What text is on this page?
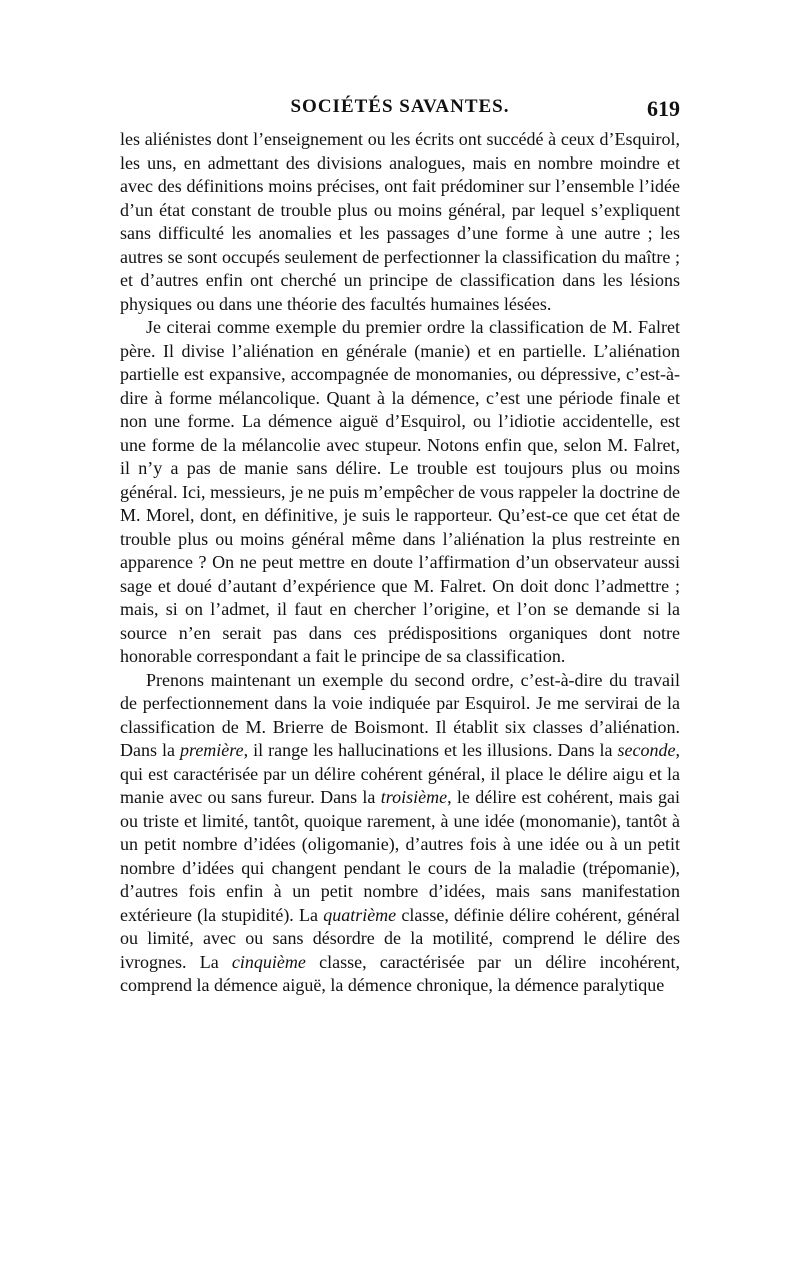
SOCIÉTÉS SAVANTES.	619

les aliénistes dont l’enseignement ou les écrits ont succédé à ceux d’Esquirol, les uns, en admettant des divisions analogues, mais en nombre moindre et avec des définitions moins précises, ont fait prédominer sur l’ensemble l’idée d’un état constant de trouble plus ou moins général, par lequel s’expliquent sans difficulté les anomalies et les passages d’une forme à une autre ; les autres se sont occupés seulement de perfectionner la classification du maître ; et d’autres enfin ont cherché un principe de classification dans les lésions physiques ou dans une théorie des facultés humaines lésées.

Je citerai comme exemple du premier ordre la classification de M. Falret père. Il divise l’aliénation en générale (manie) et en partielle. L’aliénation partielle est expansive, accompagnée de monomanies, ou dépressive, c’est-à-dire à forme mélancolique. Quant à la démence, c’est une période finale et non une forme. La démence aiguë d’Esquirol, ou l’idiotie accidentelle, est une forme de la mélancolie avec stupeur. Notons enfin que, selon M. Falret, il n’y a pas de manie sans délire. Le trouble est toujours plus ou moins général. Ici, messieurs, je ne puis m’empêcher de vous rappeler la doctrine de M. Morel, dont, en définitive, je suis le rapporteur. Qu’est-ce que cet état de trouble plus ou moins général même dans l’aliénation la plus restreinte en apparence ? On ne peut mettre en doute l’affirmation d’un observateur aussi sage et doué d’autant d’expérience que M. Falret. On doit donc l’admettre ; mais, si on l’admet, il faut en chercher l’origine, et l’on se demande si la source n’en serait pas dans ces prédispositions organiques dont notre honorable correspondant a fait le principe de sa classification.

Prenons maintenant un exemple du second ordre, c’est-à-dire du travail de perfectionnement dans la voie indiquée par Esquirol. Je me servirai de la classification de M. Brierre de Boismont. Il établit six classes d’aliénation. Dans la première, il range les hallucinations et les illusions. Dans la seconde, qui est caractérisée par un délire cohérent général, il place le délire aigu et la manie avec ou sans fureur. Dans la troisième, le délire est cohérent, mais gai ou triste et limité, tantôt, quoique rarement, à une idée (monomanie), tantôt à un petit nombre d’idées (oligomanie), d’autres fois à une idée ou à un petit nombre d’idées qui changent pendant le cours de la maladie (trépomanie), d’autres fois enfin à un petit nombre d’idées, mais sans manifestation extérieure (la stupidité). La quatrième classe, définie délire cohérent, général ou limité, avec ou sans désordre de la motilité, comprend le délire des ivrognes. La cinquième classe, caractérisée par un délire incohérent, comprend la démence aiguë, la démence chronique, la démence paralytique
